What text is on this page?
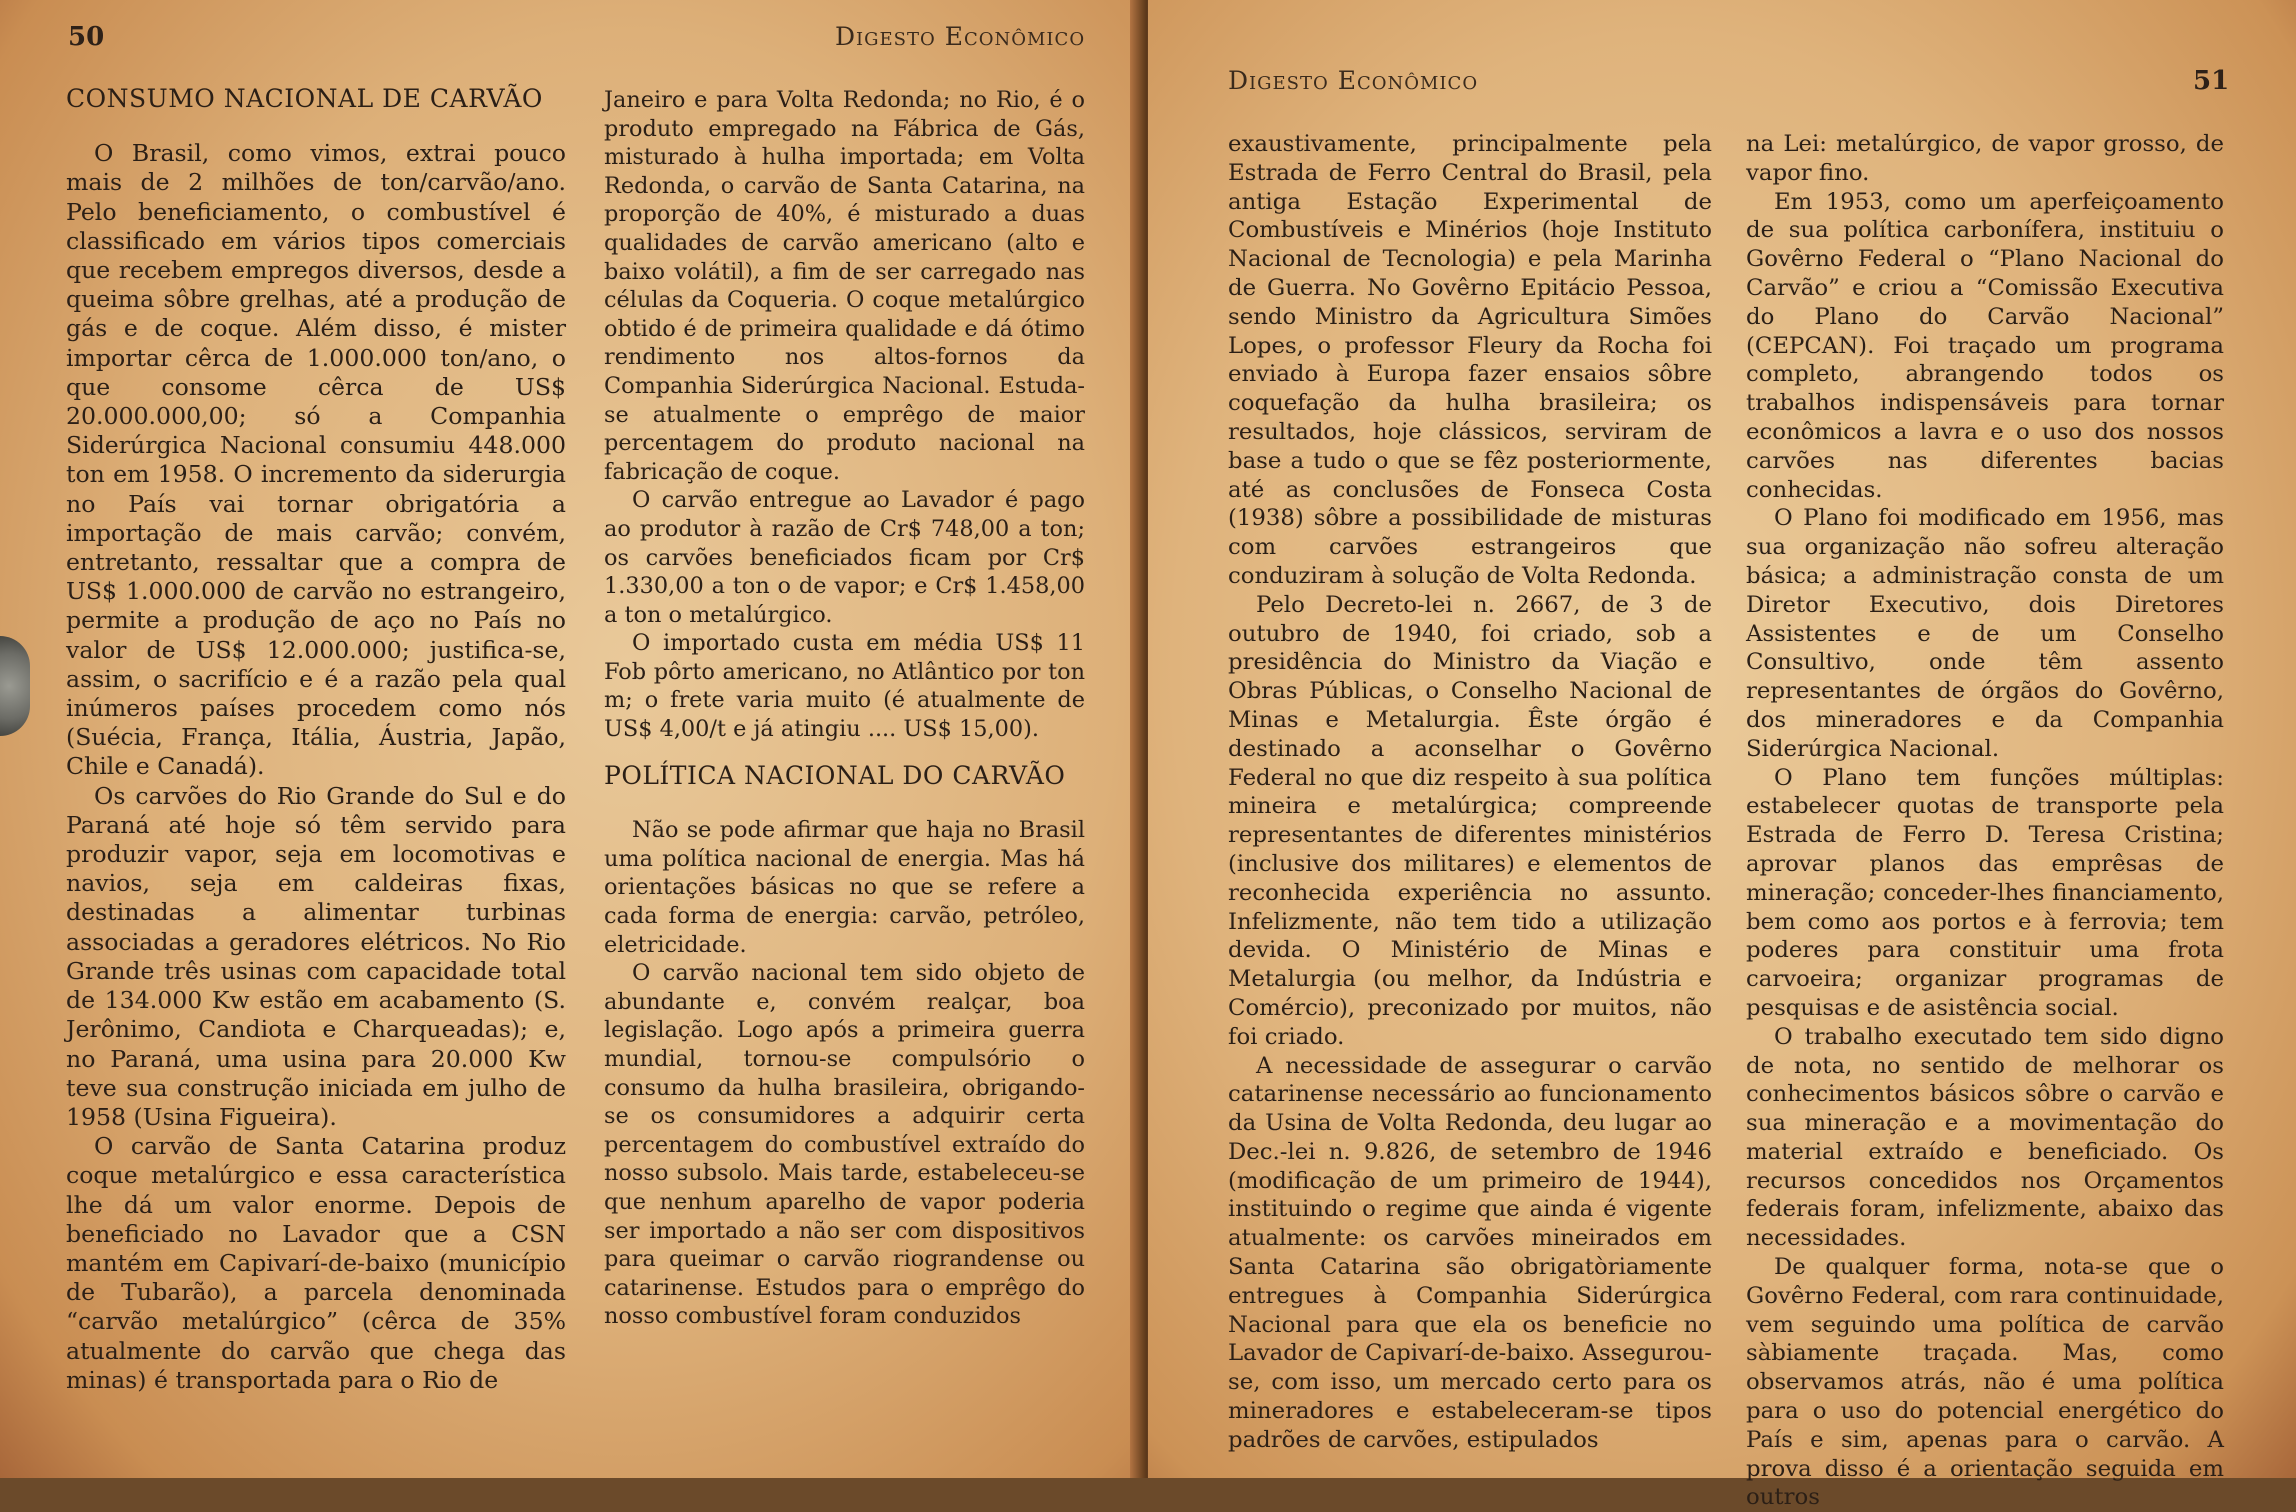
50	Digesto Econômico

CONSUMO NACIONAL DE CARVÃO

O Brasil, como vimos, extrai pouco mais de 2 milhões de ton/carvão/ano. Pelo beneficiamento, o combustível é classificado em vários tipos comerciais que recebem empregos diversos, desde a queima sôbre grelhas, até a produção de gás e de coque. Além disso, é mister importar cêrca de 1.000.000 ton/ano, o que consome cêrca de US$ 20.000.000,00; só a Companhia Siderúrgica Nacional consumiu 448.000 ton em 1958. O incremento da siderurgia no País vai tornar obrigatória a importação de mais carvão; convém, entretanto, ressaltar que a compra de US$ 1.000.000 de carvão no estrangeiro, permite a produção de aço no País no valor de US$ 12.000.000; justifica-se, assim, o sacrifício e é a razão pela qual inúmeros países procedem como nós (Suécia, França, Itália, Áustria, Japão, Chile e Canadá).

Os carvões do Rio Grande do Sul e do Paraná até hoje só têm servido para produzir vapor, seja em locomotivas e navios, seja em caldeiras fixas, destinadas a alimentar turbinas associadas a geradores elétricos. No Rio Grande três usinas com capacidade total de 134.000 Kw estão em acabamento (S. Jerônimo, Candiota e Charqueadas); e, no Paraná, uma usina para 20.000 Kw teve sua construção iniciada em julho de 1958 (Usina Figueira).

O carvão de Santa Catarina produz coque metalúrgico e essa característica lhe dá um valor enorme. Depois de beneficiado no Lavador que a CSN mantém em Capivarí-de-baixo (município de Tubarão), a parcela denominada “carvão metalúrgico” (cêrca de 35% atualmente do carvão que chega das minas) é transportada para o Rio de

Janeiro e para Volta Redonda; no Rio, é o produto empregado na Fábrica de Gás, misturado à hulha importada; em Volta Redonda, o carvão de Santa Catarina, na proporção de 40%, é misturado a duas qualidades de carvão americano (alto e baixo volátil), a fim de ser carregado nas células da Coqueria. O coque metalúrgico obtido é de primeira qualidade e dá ótimo rendimento nos altos-fornos da Companhia Siderúrgica Nacional. Estuda-se atualmente o emprêgo de maior percentagem do produto nacional na fabricação de coque.

O carvão entregue ao Lavador é pago ao produtor à razão de Cr$ 748,00 a ton; os carvões beneficiados ficam por Cr$ 1.330,00 a ton o de vapor; e Cr$ 1.458,00 a ton o metalúrgico.

O importado custa em média US$ 11 Fob pôrto americano, no Atlântico por ton m; o frete varia muito (é atualmente de US$ 4,00/t e já atingiu .... US$ 15,00).

POLÍTICA NACIONAL DO CARVÃO

Não se pode afirmar que haja no Brasil uma política nacional de energia. Mas há orientações básicas no que se refere a cada forma de energia: carvão, petróleo, eletricidade.

O carvão nacional tem sido objeto de abundante e, convém realçar, boa legislação. Logo após a primeira guerra mundial, tornou-se compulsório o consumo da hulha brasileira, obrigando-se os consumidores a adquirir certa percentagem do combustível extraído do nosso subsolo. Mais tarde, estabeleceu-se que nenhum aparelho de vapor poderia ser importado a não ser com dispositivos para queimar o carvão riograndense ou catarinense. Estudos para o emprêgo do nosso combustível foram conduzidos

Digesto Econômico	51

exaustivamente, principalmente pela Estrada de Ferro Central do Brasil, pela antiga Estação Experimental de Combustíveis e Minérios (hoje Instituto Nacional de Tecnologia) e pela Marinha de Guerra. No Govêrno Epitácio Pessoa, sendo Ministro da Agricultura Simões Lopes, o professor Fleury da Rocha foi enviado à Europa fazer ensaios sôbre coquefação da hulha brasileira; os resultados, hoje clássicos, serviram de base a tudo o que se fêz posteriormente, até as conclusões de Fonseca Costa (1938) sôbre a possibilidade de misturas com carvões estrangeiros que conduziram à solução de Volta Redonda.

Pelo Decreto-lei n. 2667, de 3 de outubro de 1940, foi criado, sob a presidência do Ministro da Viação e Obras Públicas, o Conselho Nacional de Minas e Metalurgia. Êste órgão é destinado a aconselhar o Govêrno Federal no que diz respeito à sua política mineira e metalúrgica; compreende representantes de diferentes ministérios (inclusive dos militares) e elementos de reconhecida experiência no assunto. Infelizmente, não tem tido a utilização devida. O Ministério de Minas e Metalurgia (ou melhor, da Indústria e Comércio), preconizado por muitos, não foi criado.

A necessidade de assegurar o carvão catarinense necessário ao funcionamento da Usina de Volta Redonda, deu lugar ao Dec.-lei n. 9.826, de setembro de 1946 (modificação de um primeiro de 1944), instituindo o regime que ainda é vigente atualmente: os carvões mineirados em Santa Catarina são obrigatòriamente entregues à Companhia Siderúrgica Nacional para que ela os beneficie no Lavador de Capivarí-de-baixo. Assegurou-se, com isso, um mercado certo para os mineradores e estabeleceram-se tipos padrões de carvões, estipulados

na Lei: metalúrgico, de vapor grosso, de vapor fino.

Em 1953, como um aperfeiçoamento de sua política carbonífera, instituiu o Govêrno Federal o “Plano Nacional do Carvão” e criou a “Comissão Executiva do Plano do Carvão Nacional” (CEPCAN). Foi traçado um programa completo, abrangendo todos os trabalhos indispensáveis para tornar econômicos a lavra e o uso dos nossos carvões nas diferentes bacias conhecidas.

O Plano foi modificado em 1956, mas sua organização não sofreu alteração básica; a administração consta de um Diretor Executivo, dois Diretores Assistentes e de um Conselho Consultivo, onde têm assento representantes de órgãos do Govêrno, dos mineradores e da Companhia Siderúrgica Nacional.

O Plano tem funções múltiplas: estabelecer quotas de transporte pela Estrada de Ferro D. Teresa Cristina; aprovar planos das emprêsas de mineração; conceder-lhes financiamento, bem como aos portos e à ferrovia; tem poderes para constituir uma frota carvoeira; organizar programas de pesquisas e de asistência social.

O trabalho executado tem sido digno de nota, no sentido de melhorar os conhecimentos básicos sôbre o carvão e sua mineração e a movimentação do material extraído e beneficiado. Os recursos concedidos nos Orçamentos federais foram, infelizmente, abaixo das necessidades.

De qualquer forma, nota-se que o Govêrno Federal, com rara continuidade, vem seguindo uma política de carvão sàbiamente traçada. Mas, como observamos atrás, não é uma política para o uso do potencial energético do País e sim, apenas para o carvão. A prova disso é a orientação seguida em outros
